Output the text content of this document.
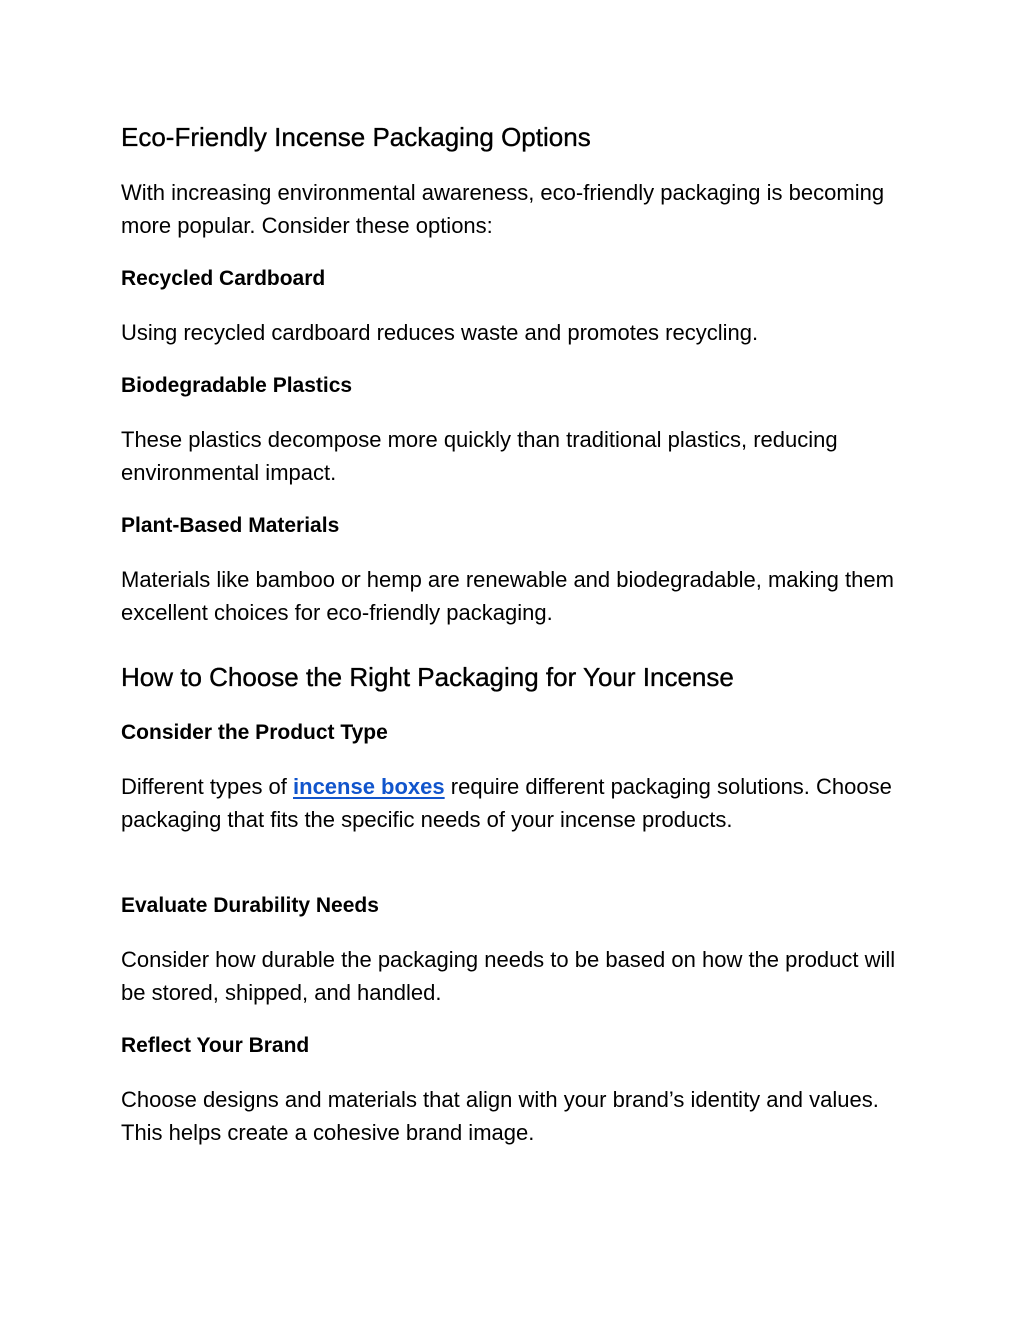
Eco-Friendly Incense Packaging Options

With increasing environmental awareness, eco-friendly packaging is becoming more popular. Consider these options:

Recycled Cardboard

Using recycled cardboard reduces waste and promotes recycling.

Biodegradable Plastics

These plastics decompose more quickly than traditional plastics, reducing environmental impact.

Plant-Based Materials

Materials like bamboo or hemp are renewable and biodegradable, making them excellent choices for eco-friendly packaging.

How to Choose the Right Packaging for Your Incense
Consider the Product Type

Different types of incense boxes require different packaging solutions. Choose packaging that fits the specific needs of your incense products.

Evaluate Durability Needs

Consider how durable the packaging needs to be based on how the product will be stored, shipped, and handled.

Reflect Your Brand

Choose designs and materials that align with your brand’s identity and values. This helps create a cohesive brand image.
